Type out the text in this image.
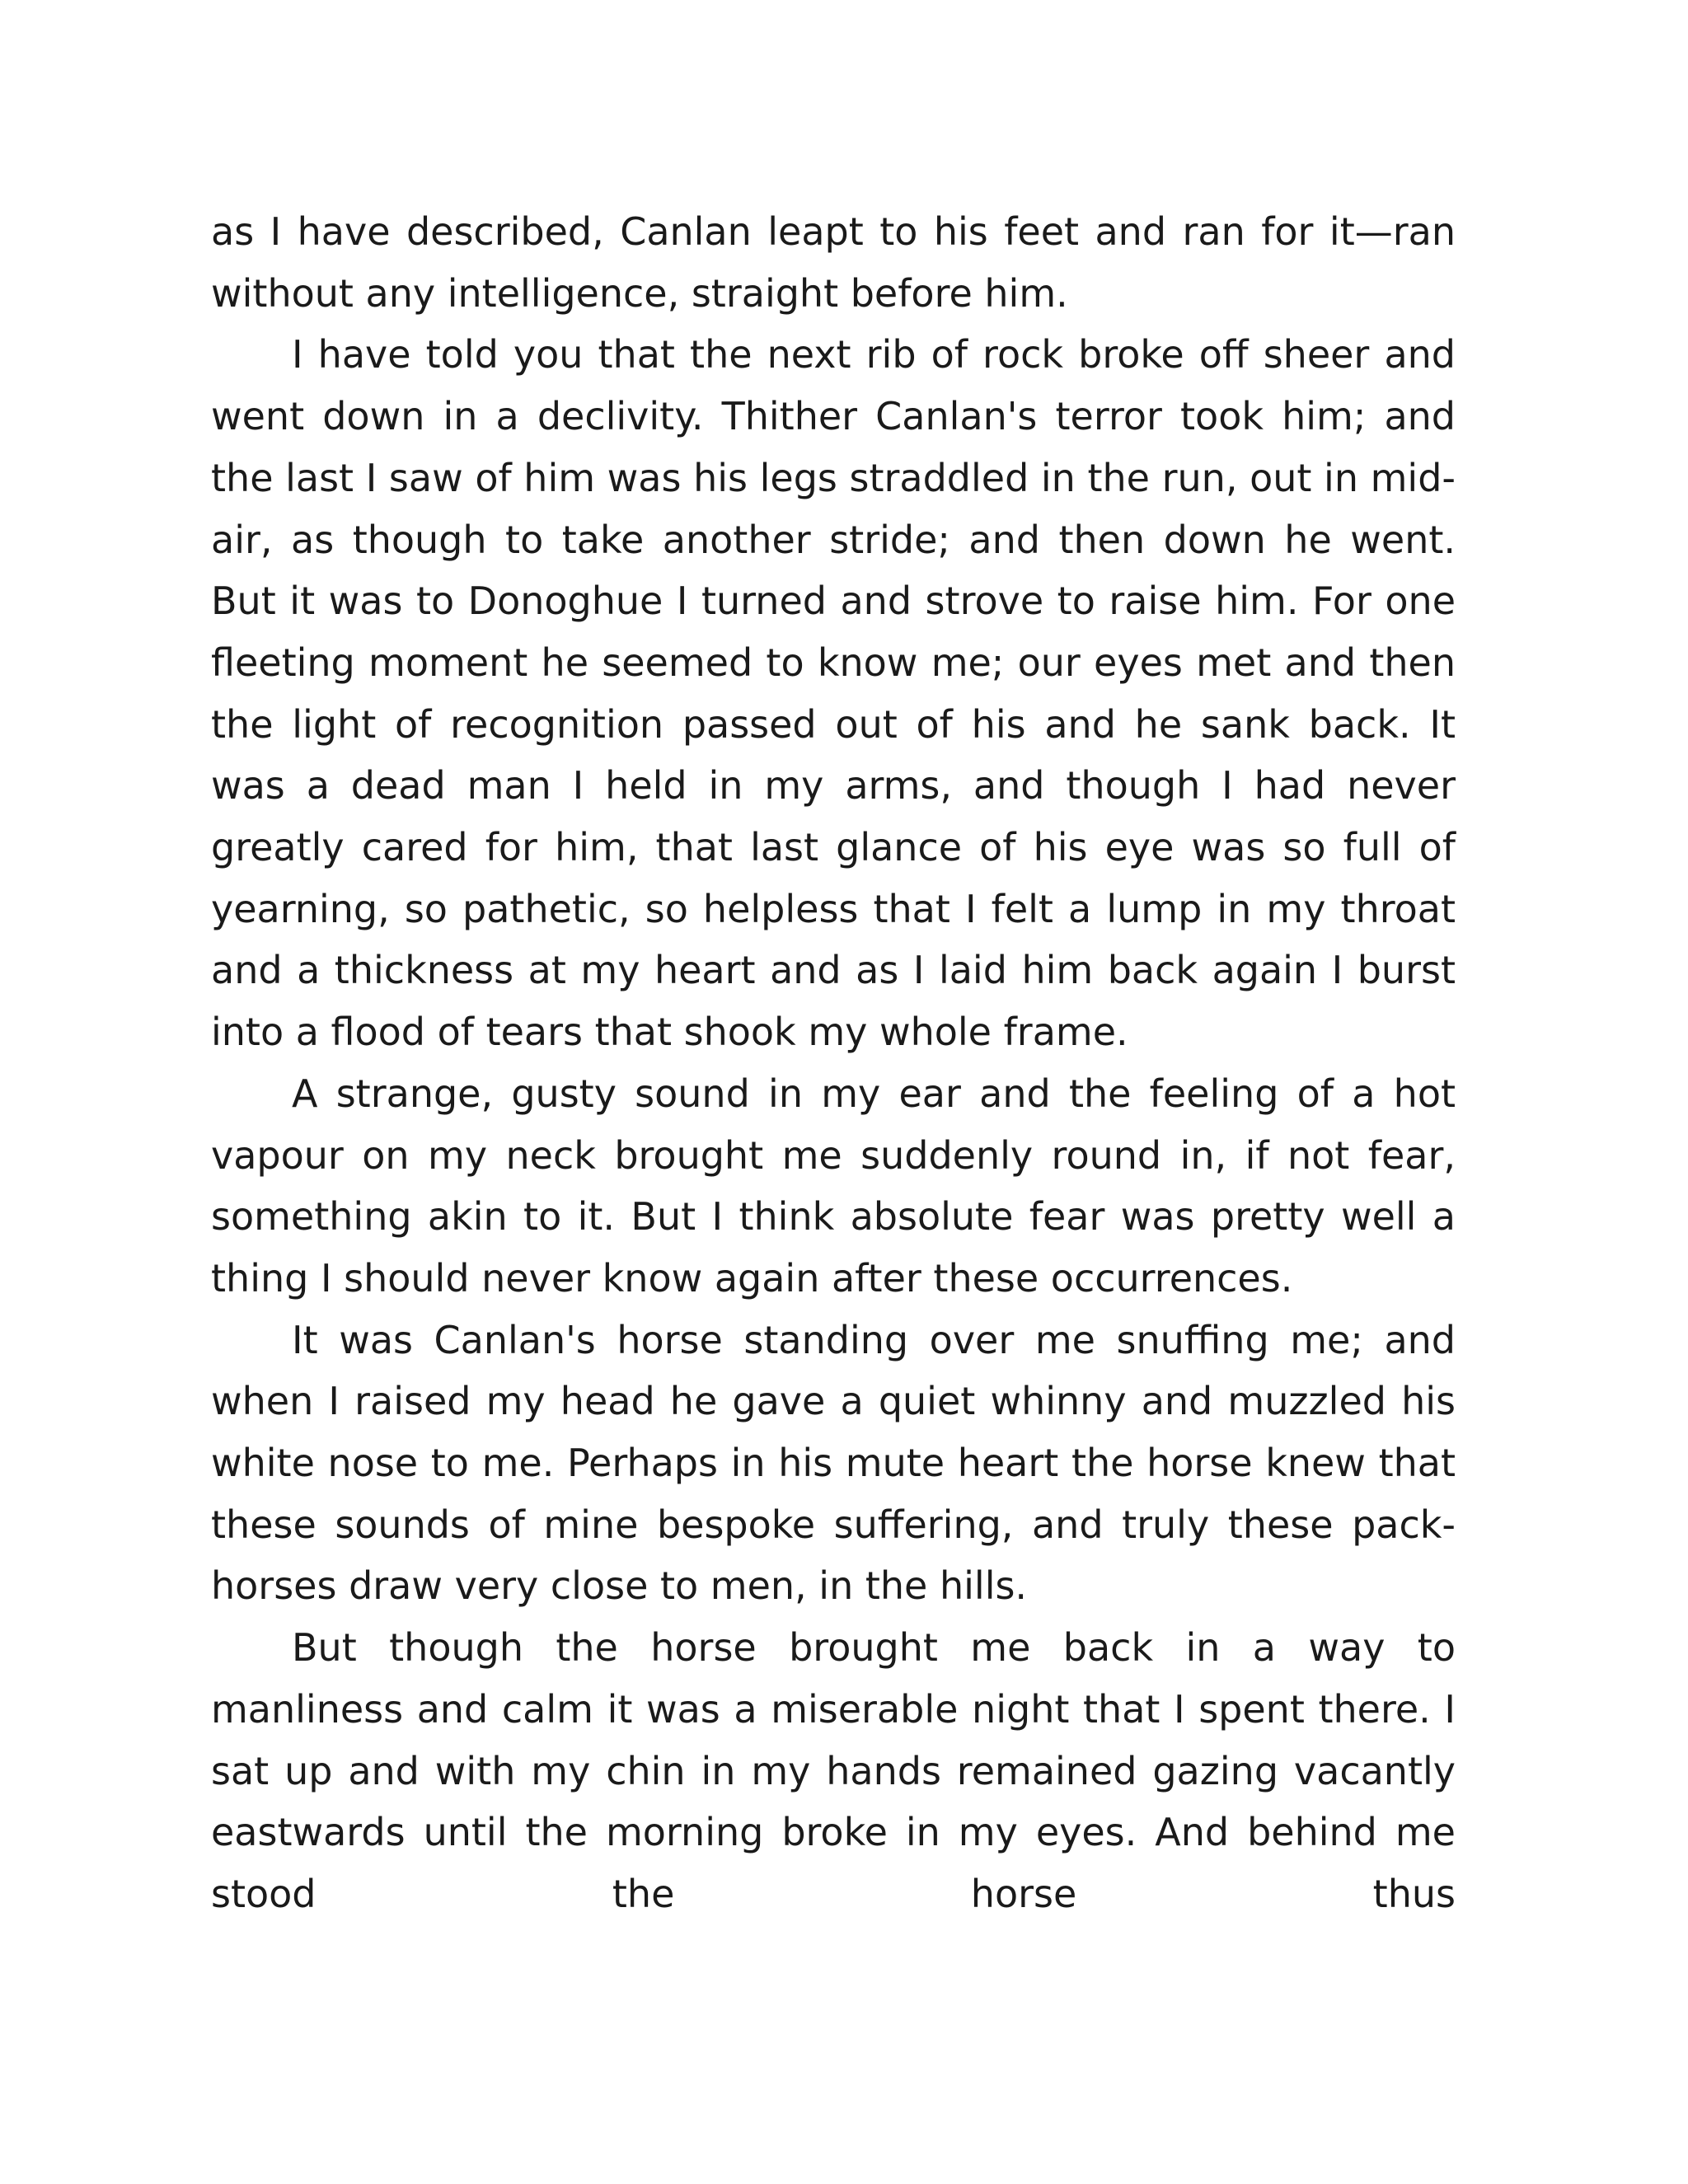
as I have described, Canlan leapt to his feet and ran for it—ran without any intelligence, straight before him.

I have told you that the next rib of rock broke off sheer and went down in a declivity. Thither Canlan's terror took him; and the last I saw of him was his legs straddled in the run, out in mid-air, as though to take another stride; and then down he went. But it was to Donoghue I turned and strove to raise him. For one fleeting moment he seemed to know me; our eyes met and then the light of recognition passed out of his and he sank back. It was a dead man I held in my arms, and though I had never greatly cared for him, that last glance of his eye was so full of yearning, so pathetic, so helpless that I felt a lump in my throat and a thickness at my heart and as I laid him back again I burst into a flood of tears that shook my whole frame.

A strange, gusty sound in my ear and the feeling of a hot vapour on my neck brought me suddenly round in, if not fear, something akin to it. But I think absolute fear was pretty well a thing I should never know again after these occurrences.

It was Canlan's horse standing over me snuffing me; and when I raised my head he gave a quiet whinny and muzzled his white nose to me. Perhaps in his mute heart the horse knew that these sounds of mine bespoke suffering, and truly these pack-horses draw very close to men, in the hills.

But though the horse brought me back in a way to manliness and calm it was a miserable night that I spent there. I sat up and with my chin in my hands remained gazing vacantly eastwards until the morning broke in my eyes. And behind me stood the horse thus
